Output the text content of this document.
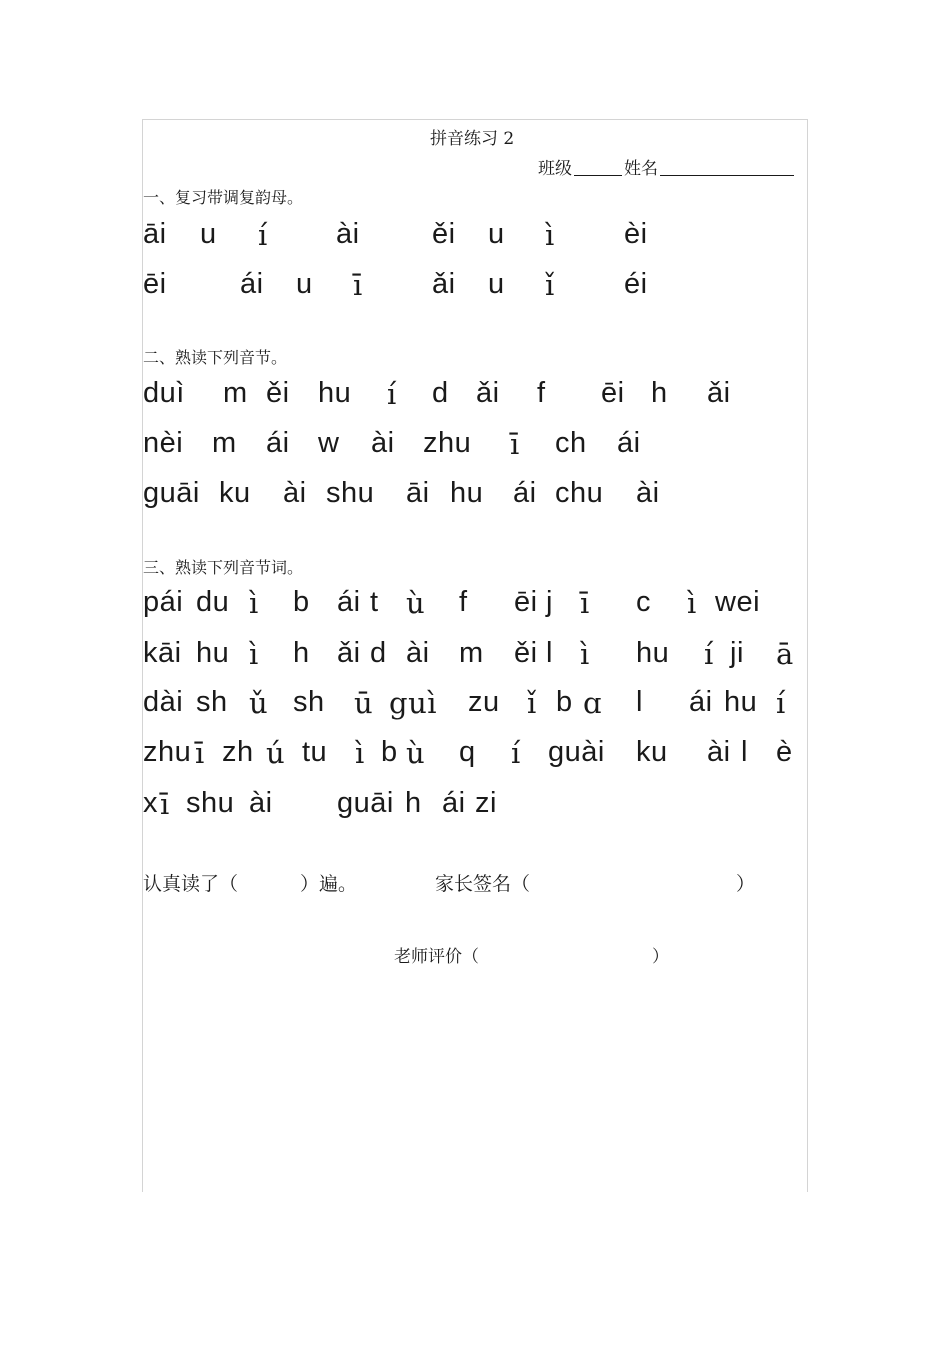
拼音练习 2
班级	姓名
一、复习带调复韵母。
āi u í ài ěi u ì èi
ēi	ái u ī ǎi u ǐ éi
二、熟读下列音节。
duì m ěi hu í d ǎi f ēi h ǎi
nèi m ái w ài zhu ī ch ái
guāi ku ài shu āi hu ái chu ài
三、熟读下列音节词。
pái du ì b ái t ù f ēi j ī c ì wei
kāi hu ì h ǎi d ài m ěi l ì hu í ji ā
dài sh ǔ sh ū guì zu ǐ b ɑ l ái hu í
zhu ī zh ú tu ì b ù q í guài ku ài l è
x ī shu ài guāi h ái zi
认真读了（	）遍。	家长签名（	）
老师评价（	）
